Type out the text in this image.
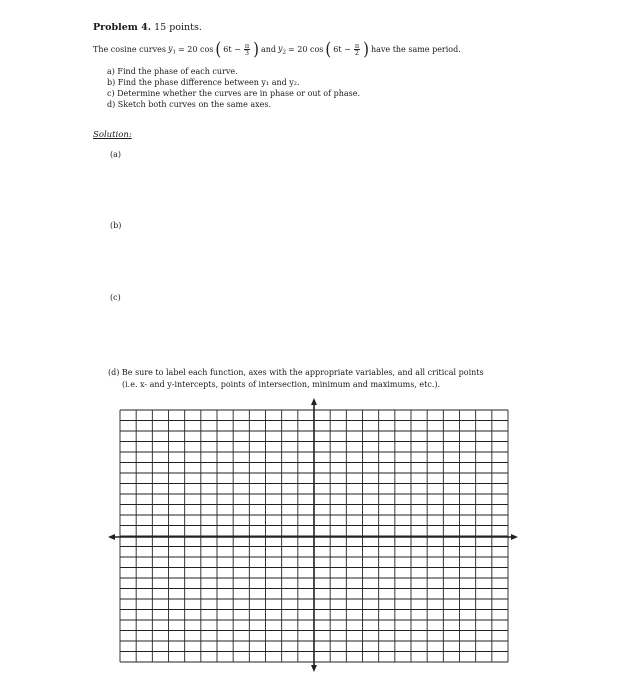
Problem 4. 15 points.
The cosine curves $y_1 = 20$ cos ( $6t - \frac{\pi}{3}$ ) and $y_2 = 20$ cos ( $6t - \frac{\pi}{2}$ ) have the same period.
a) Find the phase of each curve.
b) Find the phase difference between y₁ and y₂.
c) Determine whether the curves are in phase or out of phase.
d) Sketch both curves on the same axes.
Solution:
(a)
(b)
(c)
(d) Be sure to label each function, axes with the appropriate variables, and all critical points
(i.e. x- and y-intercepts, points of intersection, minimum and maximums, etc.).
